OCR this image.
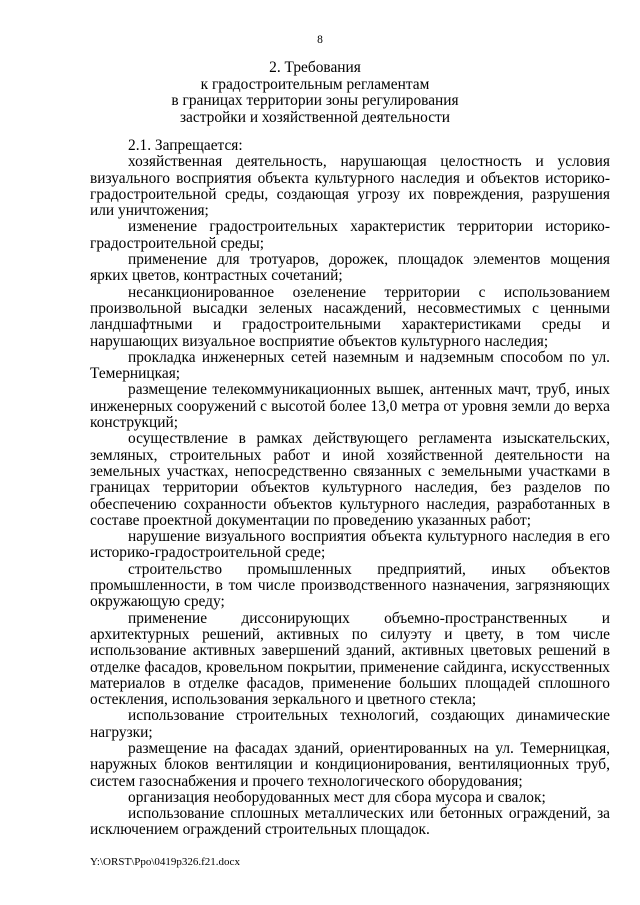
8
2. Требования
к градостроительным регламентам
в границах территории зоны регулирования
застройки и хозяйственной деятельности

2.1. Запрещается:

хозяйственная деятельность, нарушающая целостность и условия визуального восприятия объекта культурного наследия и объектов историко-градостроительной среды, создающая угрозу их повреждения, разрушения или уничтожения;

изменение градостроительных характеристик территории историко-градостроительной среды;

применение для тротуаров, дорожек, площадок элементов мощения ярких цветов, контрастных сочетаний;

несанкционированное озеленение территории с использованием произвольной высадки зеленых насаждений, несовместимых с ценными ландшафтными и градостроительными характеристиками среды и нарушающих визуальное восприятие объектов культурного наследия;

прокладка инженерных сетей наземным и надземным способом по ул. Темерницкая;

размещение телекоммуникационных вышек, антенных мачт, труб, иных инженерных сооружений с высотой более 13,0 метра от уровня земли до верха конструкций;

осуществление в рамках действующего регламента изыскательских, земляных, строительных работ и иной хозяйственной деятельности на земельных участках, непосредственно связанных с земельными участками в границах территории объектов культурного наследия, без разделов по обеспечению сохранности объектов культурного наследия, разработанных в составе проектной документации по проведению указанных работ;

нарушение визуального восприятия объекта культурного наследия в его историко-градостроительной среде;

строительство промышленных предприятий, иных объектов промышленности, в том числе производственного назначения, загрязняющих окружающую среду;

применение диссонирующих объемно-пространственных и архитектурных решений, активных по силуэту и цвету, в том числе использование активных завершений зданий, активных цветовых решений в отделке фасадов, кровельном покрытии, применение сайдинга, искусственных материалов в отделке фасадов, применение больших площадей сплошного остекления, использования зеркального и цветного стекла;

использование строительных технологий, создающих динамические нагрузки;

размещение на фасадах зданий, ориентированных на ул. Темерницкая, наружных блоков вентиляции и кондиционирования, вентиляционных труб, систем газоснабжения и прочего технологического оборудования;

организация необорудованных мест для сбора мусора и свалок;

использование сплошных металлических или бетонных ограждений, за исключением ограждений строительных площадок.

Y:\ORST\Ppo\0419p326.f21.docx
